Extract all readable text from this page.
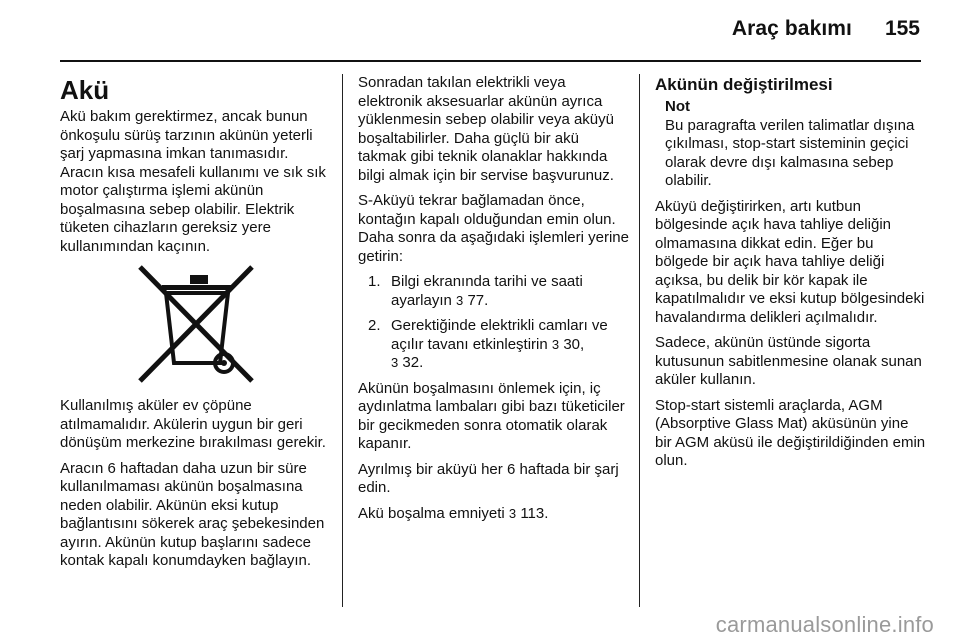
Araç bakımı 155
Akü

Akü bakım gerektirmez, ancak bunun önkoşulu sürüş tarzının akünün yeterli şarj yapmasına imkan tanımasıdır. Aracın kısa mesafeli kullanımı ve sık sık motor çalıştırma işlemi akünün boşalmasına sebep olabilir. Elektrik tüketen cihazların gereksiz yere kullanımından kaçının.

Kullanılmış aküler ev çöpüne atılmamalıdır. Akülerin uygun bir geri dönüşüm merkezine bırakılması gerekir.

Aracın 6 haftadan daha uzun bir süre kullanılmaması akünün boşalmasına neden olabilir. Akünün eksi kutup bağlantısını sökerek araç şebekesinden ayırın. Akünün kutup başlarını sadece kontak kapalı konumdayken bağlayın.

Sonradan takılan elektrikli veya elektronik aksesuarlar akünün ayrıca yüklenmesin sebep olabilir veya aküyü boşaltabilirler. Daha güçlü bir akü takmak gibi teknik olanaklar hakkında bilgi almak için bir servise başvurunuz.

S-Aküyü tekrar bağlamadan önce, kontağın kapalı olduğundan emin olun. Daha sonra da aşağıdaki işlemleri yerine getirin:

1. Bilgi ekranında tarihi ve saati ayarlayın 3 77.
2. Gerektiğinde elektrikli camları ve açılır tavanı etkinleştirin 3 30,
3 32.

Akünün boşalmasını önlemek için, iç aydınlatma lambaları gibi bazı tüketiciler bir gecikmeden sonra otomatik olarak kapanır.

Ayrılmış bir aküyü her 6 haftada bir şarj edin.

Akü boşalma emniyeti 3 113.

Akünün değiştirilmesi
Not
Bu paragrafta verilen talimatlar dışına çıkılması, stop-start sisteminin geçici olarak devre dışı kalmasına sebep olabilir.

Aküyü değiştirirken, artı kutbun bölgesinde açık hava tahliye deliğin olmamasına dikkat edin. Eğer bu bölgede bir açık hava tahliye deliği açıksa, bu delik bir kör kapak ile kapatılmalıdır ve eksi kutup bölgesindeki havalandırma delikleri açılmalıdır.

Sadece, akünün üstünde sigorta kutusunun sabitlenmesine olanak sunan aküler kullanın.

Stop-start sistemli araçlarda, AGM (Absorptive Glass Mat) aküsünün yine bir AGM aküsü ile değiştirildiğinden emin olun.

carmanualsonline.info
